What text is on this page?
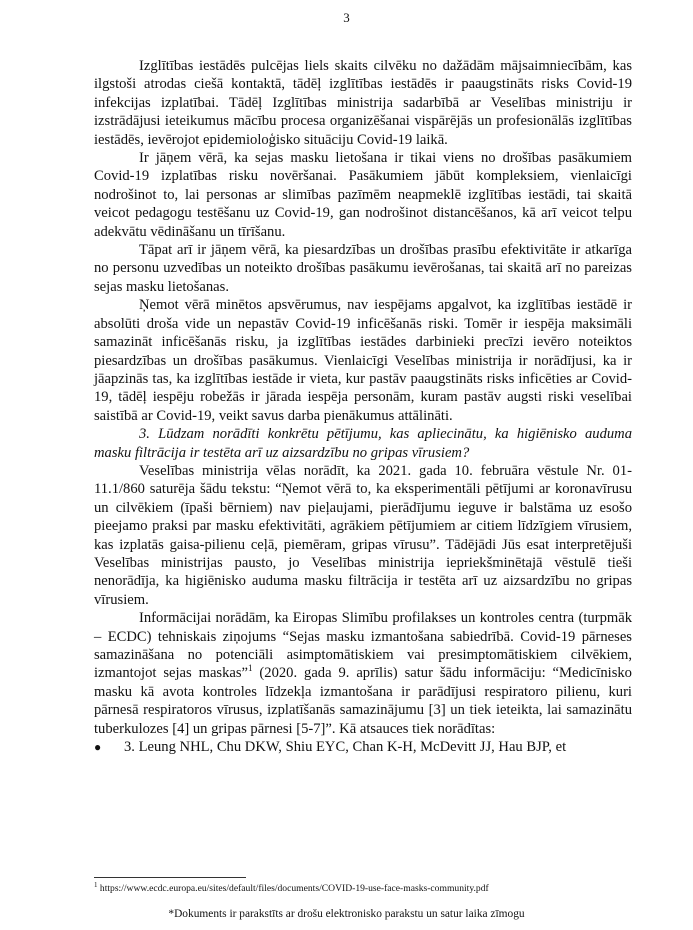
3

Izglītības iestādēs pulcējas liels skaits cilvēku no dažādām mājsaimniecībām, kas ilgstoši atrodas ciešā kontaktā, tādēļ izglītības iestādēs ir paaugstināts risks Covid-19 infekcijas izplatībai. Tādēļ Izglītības ministrija sadarbībā ar Veselības ministriju ir izstrādājusi ieteikumus mācību procesa organizēšanai vispārējās un profesionālās izglītības iestādēs, ievērojot epidemioloģisko situāciju Covid-19 laikā.

Ir jāņem vērā, ka sejas masku lietošana ir tikai viens no drošības pasākumiem Covid-19 izplatības risku novēršanai. Pasākumiem jābūt kompleksiem, vienlaicīgi nodrošinot to, lai personas ar slimības pazīmēm neapmeklē izglītības iestādi, tai skaitā veicot pedagogu testēšanu uz Covid-19, gan nodrošinot distancēšanos, kā arī veicot telpu adekvātu vēdināšanu un tīrīšanu.

Tāpat arī ir jāņem vērā, ka piesardzības un drošības prasību efektivitāte ir atkarīga no personu uzvedības un noteikto drošības pasākumu ievērošanas, tai skaitā arī no pareizas sejas masku lietošanas.

Ņemot vērā minētos apsvērumus, nav iespējams apgalvot, ka izglītības iestādē ir absolūti droša vide un nepastāv Covid-19 inficēšanās riski. Tomēr ir iespēja maksimāli samazināt inficēšanās risku, ja izglītības iestādes darbinieki precīzi ievēro noteiktos piesardzības un drošības pasākumus. Vienlaicīgi Veselības ministrija ir norādījusi, ka ir jāapzinās tas, ka izglītības iestāde ir vieta, kur pastāv paaugstināts risks inficēties ar Covid-19, tādēļ iespēju robežās ir jārada iespēja personām, kuram pastāv augsti riski veselībai saistībā ar Covid-19, veikt savus darba pienākumus attālināti.

3. Lūdzam norādīti konkrētu pētījumu, kas apliecinātu, ka higiēnisko auduma masku filtrācija ir testēta arī uz aizsardzību no gripas vīrusiem?

Veselības ministrija vēlas norādīt, ka 2021. gada 10. februāra vēstule Nr. 01-11.1/860 saturēja šādu tekstu: “Ņemot vērā to, ka eksperimentāli pētījumi ar koronavīrusu un cilvēkiem (īpaši bērniem) nav pieļaujami, pierādījumu ieguve ir balstāma uz esošo pieejamo praksi par masku efektivitāti, agrākiem pētījumiem ar citiem līdzīgiem vīrusiem, kas izplatās gaisa-pilienu ceļā, piemēram, gripas vīrusu”. Tādējādi Jūs esat interpretējuši Veselības ministrijas pausto, jo Veselības ministrija iepriekšminētajā vēstulē tieši nenorādīja, ka higiēnisko auduma masku filtrācija ir testēta arī uz aizsardzību no gripas vīrusiem.

Informācijai norādām, ka Eiropas Slimību profilakses un kontroles centra (turpmāk – ECDC) tehniskais ziņojums “Sejas masku izmantošana sabiedrībā. Covid-19 pārneses samazināšana no potenciāli asimptomātiskiem vai presimptomātiskiem cilvēkiem, izmantojot sejas maskas”$^1$ (2020. gada 9. aprīlis) satur šādu informāciju: “Medicīnisko masku kā avota kontroles līdzekļa izmantošana ir parādījusi respiratoro pilienu, kuri pārnesā respiratoros vīrusus, izplatīšanās samazinājumu [3] un tiek ieteikta, lai samazinātu tuberkulozes [4] un gripas pārnesi [5-7]”. Kā atsauces tiek norādītas:

●	3. Leung NHL, Chu DKW, Shiu EYC, Chan K-H, McDevitt JJ, Hau BJP, et
$^1$ https://www.ecdc.europa.eu/sites/default/files/documents/COVID-19-use-face-masks-community.pdf
*Dokuments ir parakstīts ar drošu elektronisko parakstu un satur laika zīmogu
